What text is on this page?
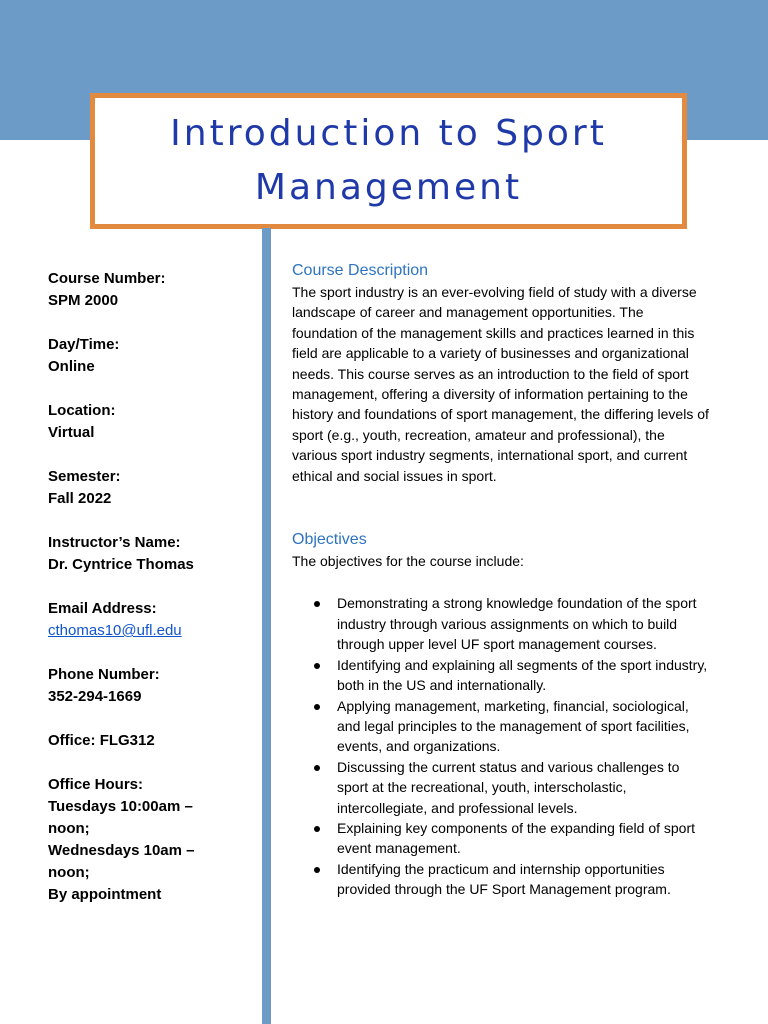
Introduction to Sport
Management
Course Number:
SPM 2000
Day/Time:
Online
Location:
Virtual
Semester:
Fall 2022
Instructor’s Name:
Dr. Cyntrice Thomas
Email Address:
cthomas10@ufl.edu
Phone Number:
352-294-1669
Office: FLG312
Office Hours:
Tuesdays 10:00am –
noon;
Wednesdays 10am –
noon;
By appointment
Course Description

The sport industry is an ever-evolving field of study with a diverse landscape of career and management opportunities. The foundation of the management skills and practices learned in this field are applicable to a variety of businesses and organizational needs. This course serves as an introduction to the field of sport management, offering a diversity of information pertaining to the history and foundations of sport management, the differing levels of sport (e.g., youth, recreation, amateur and professional), the various sport industry segments, international sport, and current ethical and social issues in sport.

Objectives

The objectives for the course include:

Demonstrating a strong knowledge foundation of the sport industry through various assignments on which to build through upper level UF sport management courses.
Identifying and explaining all segments of the sport industry, both in the US and internationally.
Applying management, marketing, financial, sociological, and legal principles to the management of sport facilities, events, and organizations.
Discussing the current status and various challenges to sport at the recreational, youth, interscholastic, intercollegiate, and professional levels.
Explaining key components of the expanding field of sport event management.
Identifying the practicum and internship opportunities provided through the UF Sport Management program.
